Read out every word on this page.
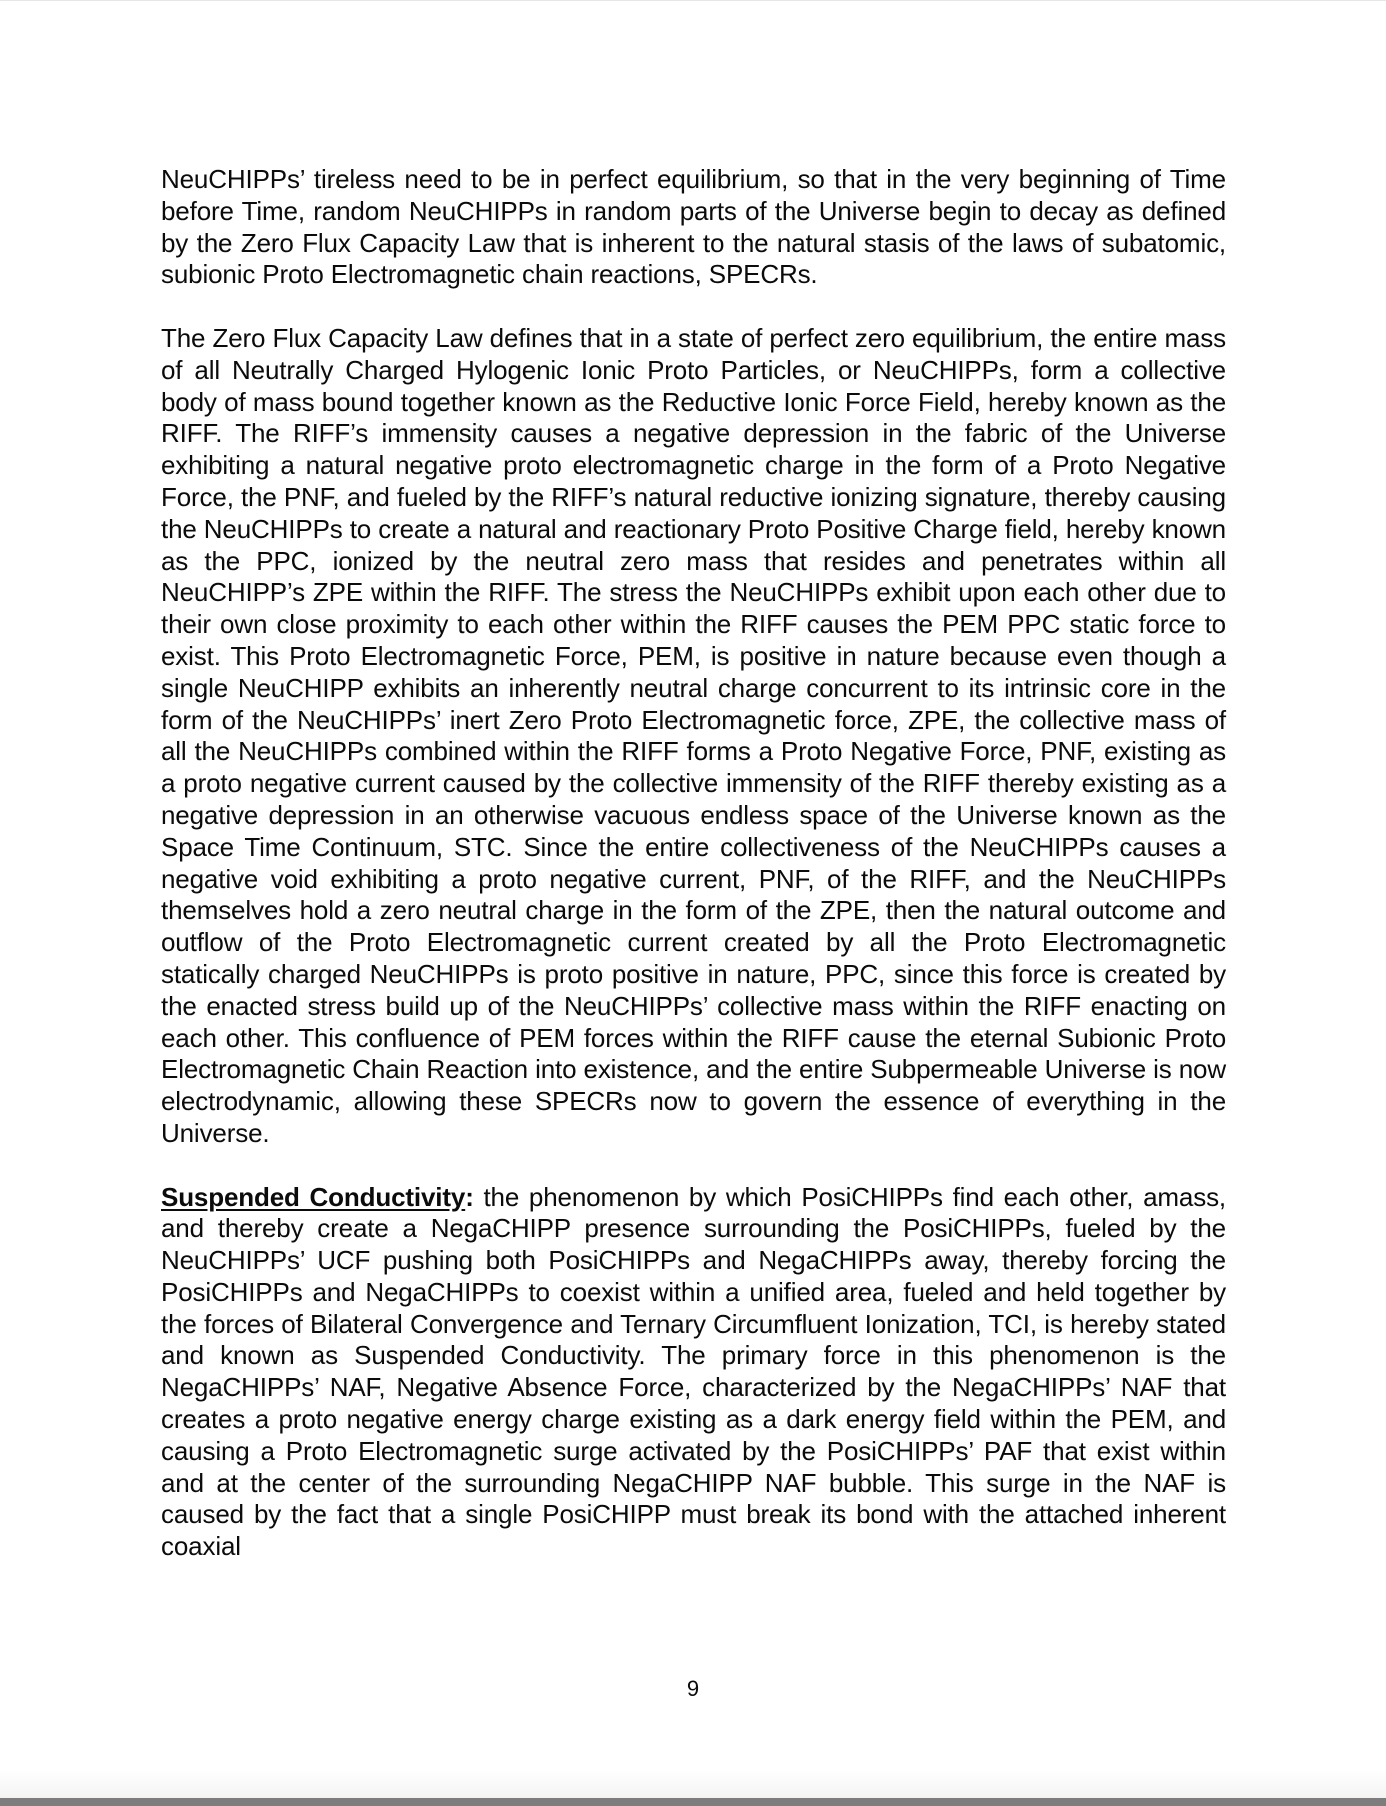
NeuCHIPPs’ tireless need to be in perfect equilibrium, so that in the very beginning of Time before Time, random NeuCHIPPs in random parts of the Universe begin to decay as defined by the Zero Flux Capacity Law that is inherent to the natural stasis of the laws of subatomic, subionic Proto Electromagnetic chain reactions, SPECRs.

The Zero Flux Capacity Law defines that in a state of perfect zero equilibrium, the entire mass of all Neutrally Charged Hylogenic Ionic Proto Particles, or NeuCHIPPs, form a collective body of mass bound together known as the Reductive Ionic Force Field, hereby known as the RIFF. The RIFF’s immensity causes a negative depression in the fabric of the Universe exhibiting a natural negative proto electromagnetic charge in the form of a Proto Negative Force, the PNF, and fueled by the RIFF’s natural reductive ionizing signature, thereby causing the NeuCHIPPs to create a natural and reactionary Proto Positive Charge field, hereby known as the PPC, ionized by the neutral zero mass that resides and penetrates within all NeuCHIPP’s ZPE within the RIFF. The stress the NeuCHIPPs exhibit upon each other due to their own close proximity to each other within the RIFF causes the PEM PPC static force to exist. This Proto Electromagnetic Force, PEM, is positive in nature because even though a single NeuCHIPP exhibits an inherently neutral charge concurrent to its intrinsic core in the form of the NeuCHIPPs’ inert Zero Proto Electromagnetic force, ZPE, the collective mass of all the NeuCHIPPs combined within the RIFF forms a Proto Negative Force, PNF, existing as a proto negative current caused by the collective immensity of the RIFF thereby existing as a negative depression in an otherwise vacuous endless space of the Universe known as the Space Time Continuum, STC. Since the entire collectiveness of the NeuCHIPPs causes a negative void exhibiting a proto negative current, PNF, of the RIFF, and the NeuCHIPPs themselves hold a zero neutral charge in the form of the ZPE, then the natural outcome and outflow of the Proto Electromagnetic current created by all the Proto Electromagnetic statically charged NeuCHIPPs is proto positive in nature, PPC, since this force is created by the enacted stress build up of the NeuCHIPPs’ collective mass within the RIFF enacting on each other. This confluence of PEM forces within the RIFF cause the eternal Subionic Proto Electromagnetic Chain Reaction into existence, and the entire Subpermeable Universe is now electrodynamic, allowing these SPECRs now to govern the essence of everything in the Universe.

Suspended Conductivity: the phenomenon by which PosiCHIPPs find each other, amass, and thereby create a NegaCHIPP presence surrounding the PosiCHIPPs, fueled by the NeuCHIPPs’ UCF pushing both PosiCHIPPs and NegaCHIPPs away, thereby forcing the PosiCHIPPs and NegaCHIPPs to coexist within a unified area, fueled and held together by the forces of Bilateral Convergence and Ternary Circumfluent Ionization, TCI, is hereby stated and known as Suspended Conductivity. The primary force in this phenomenon is the NegaCHIPPs’ NAF, Negative Absence Force, characterized by the NegaCHIPPs’ NAF that creates a proto negative energy charge existing as a dark energy field within the PEM, and causing a Proto Electromagnetic surge activated by the PosiCHIPPs’ PAF that exist within and at the center of the surrounding NegaCHIPP NAF bubble. This surge in the NAF is caused by the fact that a single PosiCHIPP must break its bond with the attached inherent coaxial

9
